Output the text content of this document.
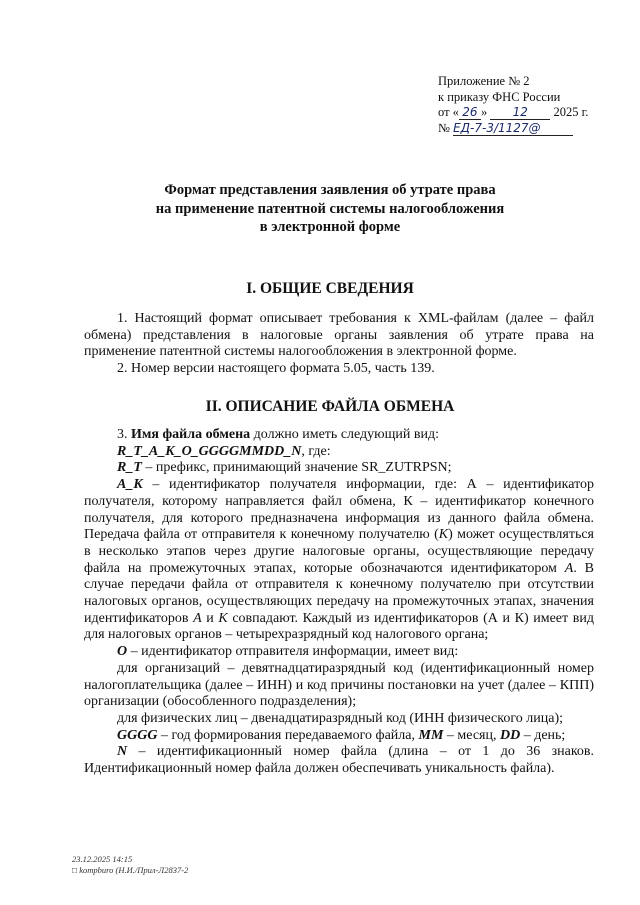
Приложение № 2
к приказу ФНС России
от « 26 » 12 2025 г.
№ ЕД-7-3/1127@
Формат представления заявления об утрате права
на применение патентной системы налогообложения
в электронной форме
I. ОБЩИЕ СВЕДЕНИЯ

1. Настоящий формат описывает требования к XML-файлам (далее – файл обмена) представления в налоговые органы заявления об утрате права на применение патентной системы налогообложения в электронной форме.

2. Номер версии настоящего формата 5.05, часть 139.

II. ОПИСАНИЕ ФАЙЛА ОБМЕНА

3. Имя файла обмена должно иметь следующий вид:

R_T_A_K_O_GGGGMMDD_N, где:

R_T – префикс, принимающий значение SR_ZUTRPSN;

A_K – идентификатор получателя информации, где: А – идентификатор получателя, которому направляется файл обмена, К – идентификатор конечного получателя, для которого предназначена информация из данного файла обмена. Передача файла от отправителя к конечному получателю (К) может осуществляться в несколько этапов через другие налоговые органы, осуществляющие передачу файла на промежуточных этапах, которые обозначаются идентификатором А. В случае передачи файла от отправителя к конечному получателю при отсутствии налоговых органов, осуществляющих передачу на промежуточных этапах, значения идентификаторов А и К совпадают. Каждый из идентификаторов (А и К) имеет вид для налоговых органов – четырехразрядный код налогового органа;

O – идентификатор отправителя информации, имеет вид:

для организаций – девятнадцатиразрядный код (идентификационный номер налогоплательщика (далее – ИНН) и код причины постановки на учет (далее – КПП) организации (обособленного подразделения);

для физических лиц – двенадцатиразрядный код (ИНН физического лица);

GGGG – год формирования передаваемого файла, MM – месяц, DD – день;

N – идентификационный номер файла (длина – от 1 до 36 знаков. Идентификационный номер файла должен обеспечивать уникальность файла).

23.12.2025 14:15
□ kompburo (Н.И./Прил-Л2837-2
